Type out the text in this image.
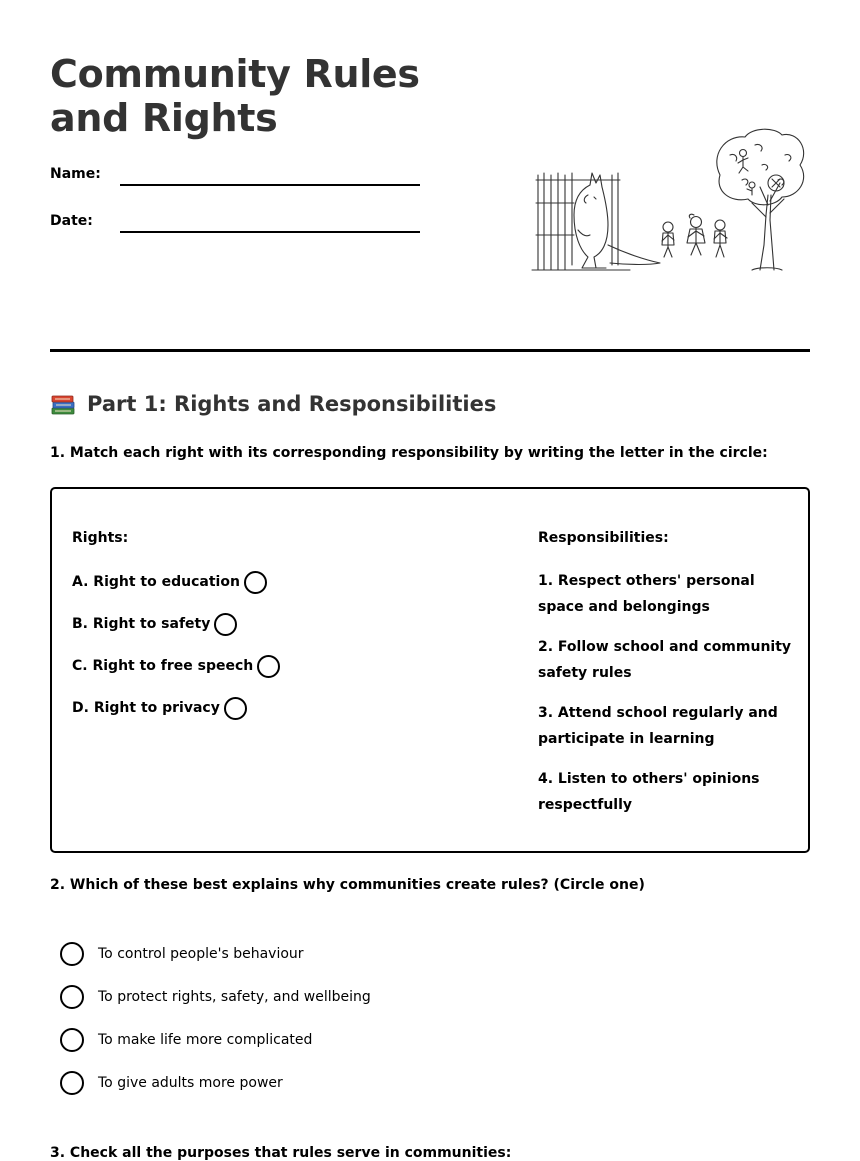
Community Rules and Rights
Name:
Date:
Part 1: Rights and Responsibilities

1. Match each right with its corresponding responsibility by writing the letter in the circle:

Rights:
A. Right to education
B. Right to safety
C. Right to free speech
D. Right to privacy
Responsibilities:
1. Respect others' personal space and belongings
2. Follow school and community safety rules
3. Attend school regularly and participate in learning
4. Listen to others' opinions respectfully

2. Which of these best explains why communities create rules? (Circle one)

To control people's behaviour
To protect rights, safety, and wellbeing
To make life more complicated
To give adults more power

3. Check all the purposes that rules serve in communities:
